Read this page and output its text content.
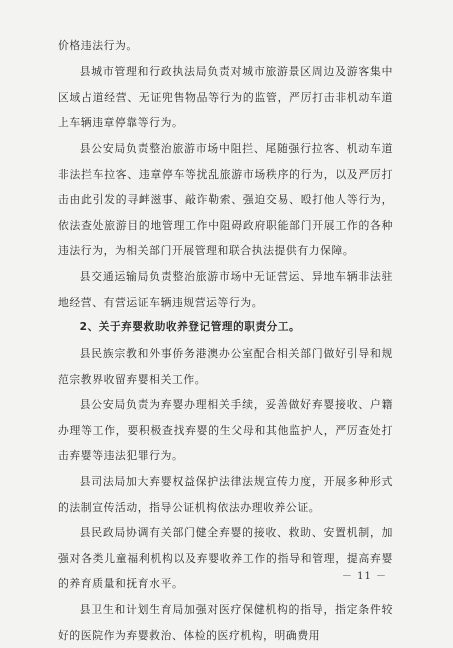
价格违法行为。

县城市管理和行政执法局负责对城市旅游景区周边及游客集中区域占道经营、无证兜售物品等行为的监管，严厉打击非机动车道上车辆违章停靠等行为。

县公安局负责整治旅游市场中阻拦、尾随强行拉客、机动车道非法拦车拉客、违章停车等扰乱旅游市场秩序的行为，以及严厉打击由此引发的寻衅滋事、敲诈勒索、强迫交易、殴打他人等行为，依法查处旅游目的地管理工作中阻碍政府职能部门开展工作的各种违法行为，为相关部门开展管理和联合执法提供有力保障。

县交通运输局负责整治旅游市场中无证营运、异地车辆非法驻地经营、有营运证车辆违规营运等行为。

2、关于弃婴救助收养登记管理的职责分工。

县民族宗教和外事侨务港澳办公室配合相关部门做好引导和规范宗教界收留弃婴相关工作。

县公安局负责为弃婴办理相关手续，妥善做好弃婴接收、户籍办理等工作，要积极查找弃婴的生父母和其他监护人，严厉查处打击弃婴等违法犯罪行为。

县司法局加大弃婴权益保护法律法规宣传力度，开展多种形式的法制宣传活动，指导公证机构依法办理收养公证。

县民政局协调有关部门健全弃婴的接收、救助、安置机制，加强对各类儿童福利机构以及弃婴收养工作的指导和管理，提高弃婴的养育质量和抚育水平。

县卫生和计划生育局加强对医疗保健机构的指导，指定条件较好的医院作为弃婴救治、体检的医疗机构，明确费用

－ 11 －
